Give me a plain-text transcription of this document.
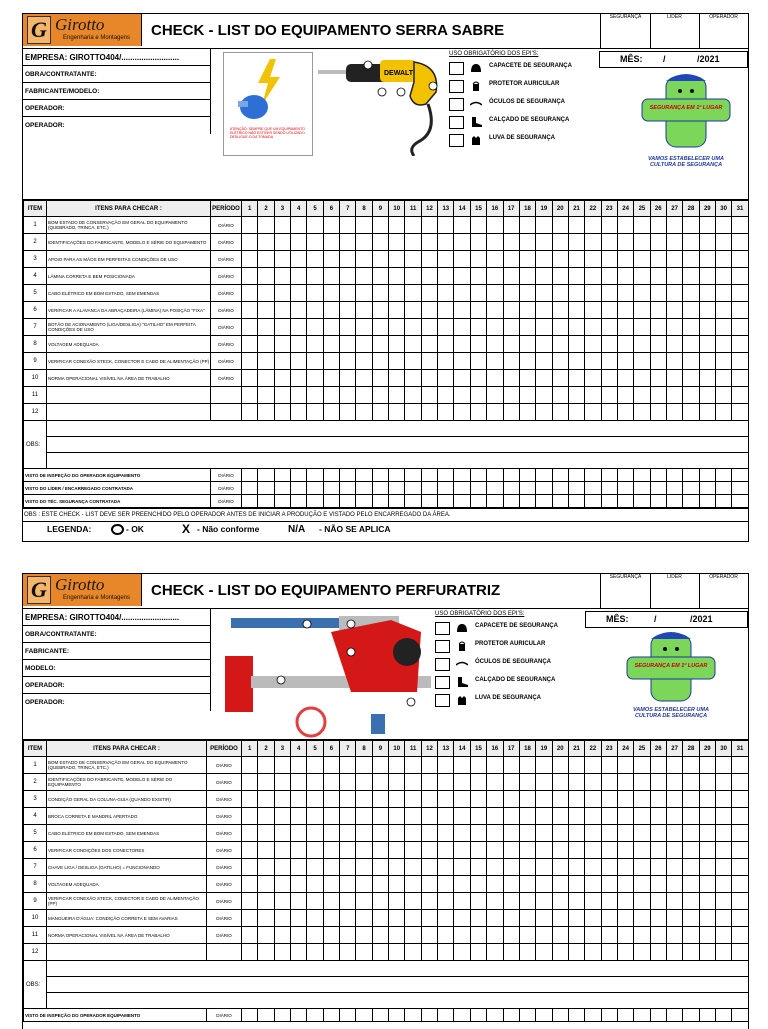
G Girotto
Engenharia e Montagens CHECK - LIST DO EQUIPAMENTO SERRA SABRE
SEGURANÇA	LÍDER	OPERADOR
EMPRESA: GIROTTO404/..........................
OBRA/CONTRATANTE:
FABRICANTE/MODELO:
OPERADOR:
OPERADOR:	ATENÇÃO: SEMPRE QUE UM EQUIPAMENTO ELÉTRICO NÃO ESTIVER SENDO UTILIZADO DESLIGUE-O DA TOMADA
DEWALT
USO OBRIGATÓRIO DOS EPI'S:
CAPACETE DE SEGURANÇA
PROTETOR AURICULAR
ÓCULOS DE SEGURANÇA
CALÇADO DE SEGURANÇA
LUVA DE SEGURANÇA
MÊS: /	/2021
SEGURANÇA EM 1º LUGAR
VAMOS ESTABELECER UMA CULTURA DE SEGURANÇA
ITEM	ITENS PARA CHECAR :	PERÍODO	1	2	3	4	5	6	7	8	9	10	11	12	13	14	15	16	17	18	19	20	21	22	23	24	25	26	27	28	29	30	31
1	BOM ESTADO DE CONSERVAÇÃO EM GERAL DO EQUIPAMENTO (QUEBRADO, TRINCA, ETC.)	DIÁRIO																															
2	IDENTIFICAÇÕES DO FABRICANTE, MODELO E SÉRIE DO EQUIPAMENTO	DIÁRIO																															
3	APOIO PARA AS MÃOS EM PERFEITAS CONDIÇÕES DE USO	DIÁRIO																															
4	LÂMINA CORRETA E BEM POSICIONADA	DIÁRIO																															
5	CABO ELÉTRICO EM BOM ESTADO, SEM EMENDAS	DIÁRIO																															
6	VERIFICAR A ALAVANCA DA ABRAÇADEIRA (LÂMINA) NA POSIÇÃO "FIXA"	DIÁRIO																															
7	BOTÃO DE ACIONAMENTO (LIGA/DESLIGA) "GATILHO" EM PERFEITA CONDIÇÕES DE USO	DIÁRIO																															
8	VOLTAGEM ADEQUADA	DIÁRIO																															
9	VERIFICAR CONEXÃO STECK, CONECTOR E CABO DE ALIMENTAÇÃO (PP)	DIÁRIO																															
10	NORMA OPERACIONAL VISÍVEL NA ÁREA DE TRABALHO	DIÁRIO																															
11																																	
12																																	
OBS:																																	

VISTO DE INSPEÇÃO DO OPERADOR EQUIPAMENTO		DIÁRIO																															
VISTO DO LÍDER / ENCARREGADO CONTRATADA		DIÁRIO																															
VISTO DO TÉC. SEGURANÇA CONTRATADA		DIÁRIO																															
OBS : ESTE CHECK - LIST DEVE SER PREENCHIDO PELO OPERADOR ANTES DE INICIAR A PRODUÇÃO E VISTADO PELO ENCARREGADO DA ÁREA.
LEGENDA:	- OK	X - Não conforme	N/A - NÃO SE APLICA
G Girotto
Engenharia e Montagens CHECK - LIST DO EQUIPAMENTO PERFURATRIZ
SEGURANÇA	LÍDER	OPERADOR
EMPRESA: GIROTTO404/..........................
OBRA/CONTRATANTE:
FABRICANTE:
MODELO:
OPERADOR:
OPERADOR:
USO OBRIGATÓRIO DOS EPI'S:
CAPACETE DE SEGURANÇA
PROTETOR AURICULAR
ÓCULOS DE SEGURANÇA
CALÇADO DE SEGURANÇA
LUVA DE SEGURANÇA
MÊS:	/	/2021
SEGURANÇA EM 1º LUGAR
VAMOS ESTABELECER UMA CULTURA DE SEGURANÇA
ITEM	ITENS PARA CHECAR :	PERÍODO	1	2	3	4	5	6	7	8	9	10	11	12	13	14	15	16	17	18	19	20	21	22	23	24	25	26	27	28	29	30	31
1	BOM ESTADO DE CONSERVAÇÃO EM GERAL DO EQUIPAMENTO (QUEBRADO, TRINCA, ETC.)	DIÁRIO																															
2	IDENTIFICAÇÕES DO FABRICANTE, MODELO E SÉRIE DO EQUIPAMENTO	DIÁRIO																															
3	CONDIÇÃO GERAL DA COLUNA-GUIA (QUANDO EXISTIR)	DIÁRIO																															
4	BROCA CORRETA E MANDRIL APERTADO	DIÁRIO																															
5	CABO ELÉTRICO EM BOM ESTADO, SEM EMENDAS	DIÁRIO																															
6	VERIFICAR CONDIÇÕES DOS CONECTORES	DIÁRIO																															
7	CHAVE LIGA / DESLIGA (GATILHO) = FUNCIONANDO	DIÁRIO																															
8	VOLTAGEM ADEQUADA	DIÁRIO																															
9	VERIFICAR CONEXÃO STECK, CONECTOR E CABO DE ALIMENTAÇÃO (PP)	DIÁRIO																															
10	MANGUEIRA D'ÁGUA: CONDIÇÃO CORRETA E SEM AVARIAS	DIÁRIO																															
11	NORMA OPERACIONAL VISÍVEL NA ÁREA DE TRABALHO	DIÁRIO																															
12																																	
OBS:																																	

VISTO DE INSPEÇÃO DO OPERADOR EQUIPAMENTO		DIÁRIO																															
